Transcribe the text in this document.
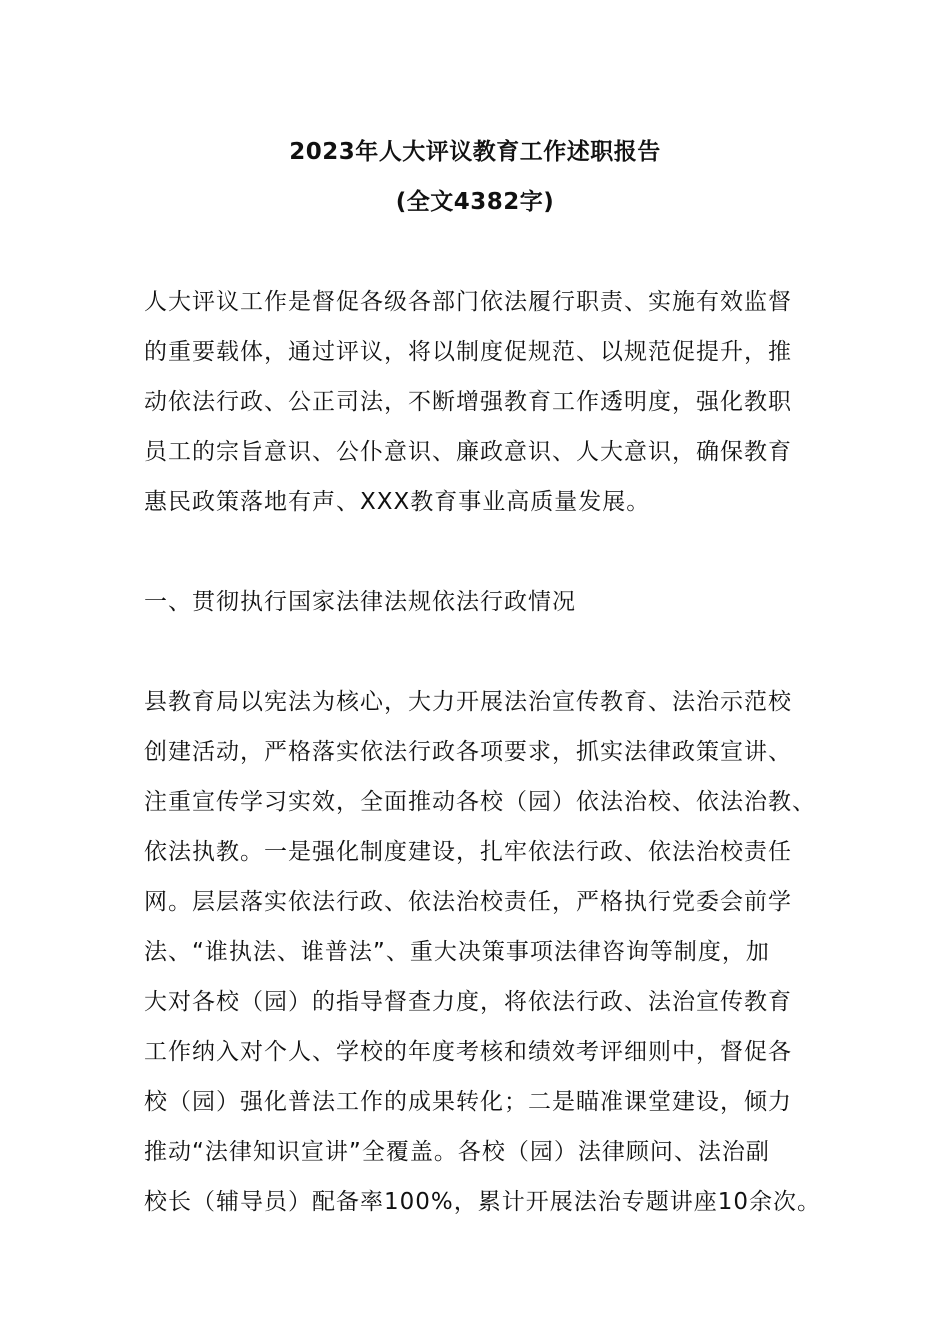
2023年人大评议教育工作述职报告
(全文4382字)
人大评议工作是督促各级各部门依法履行职责、实施有效监督
的重要载体，通过评议，将以制度促规范、以规范促提升，推
动依法行政、公正司法，不断增强教育工作透明度，强化教职
员工的宗旨意识、公仆意识、廉政意识、人大意识，确保教育
惠民政策落地有声、XXX教育事业高质量发展。
一、贯彻执行国家法律法规依法行政情况
县教育局以宪法为核心，大力开展法治宣传教育、法治示范校
创建活动，严格落实依法行政各项要求，抓实法律政策宣讲、
注重宣传学习实效，全面推动各校（园）依法治校、依法治教、
依法执教。一是强化制度建设，扎牢依法行政、依法治校责任
网。层层落实依法行政、依法治校责任，严格执行党委会前学
法、“谁执法、谁普法”、重大决策事项法律咨询等制度，加
大对各校（园）的指导督查力度，将依法行政、法治宣传教育
工作纳入对个人、学校的年度考核和绩效考评细则中，督促各
校（园）强化普法工作的成果转化；二是瞄准课堂建设，倾力
推动“法律知识宣讲”全覆盖。各校（园）法律顾问、法治副
校长（辅导员）配备率100%，累计开展法治专题讲座10余次。
